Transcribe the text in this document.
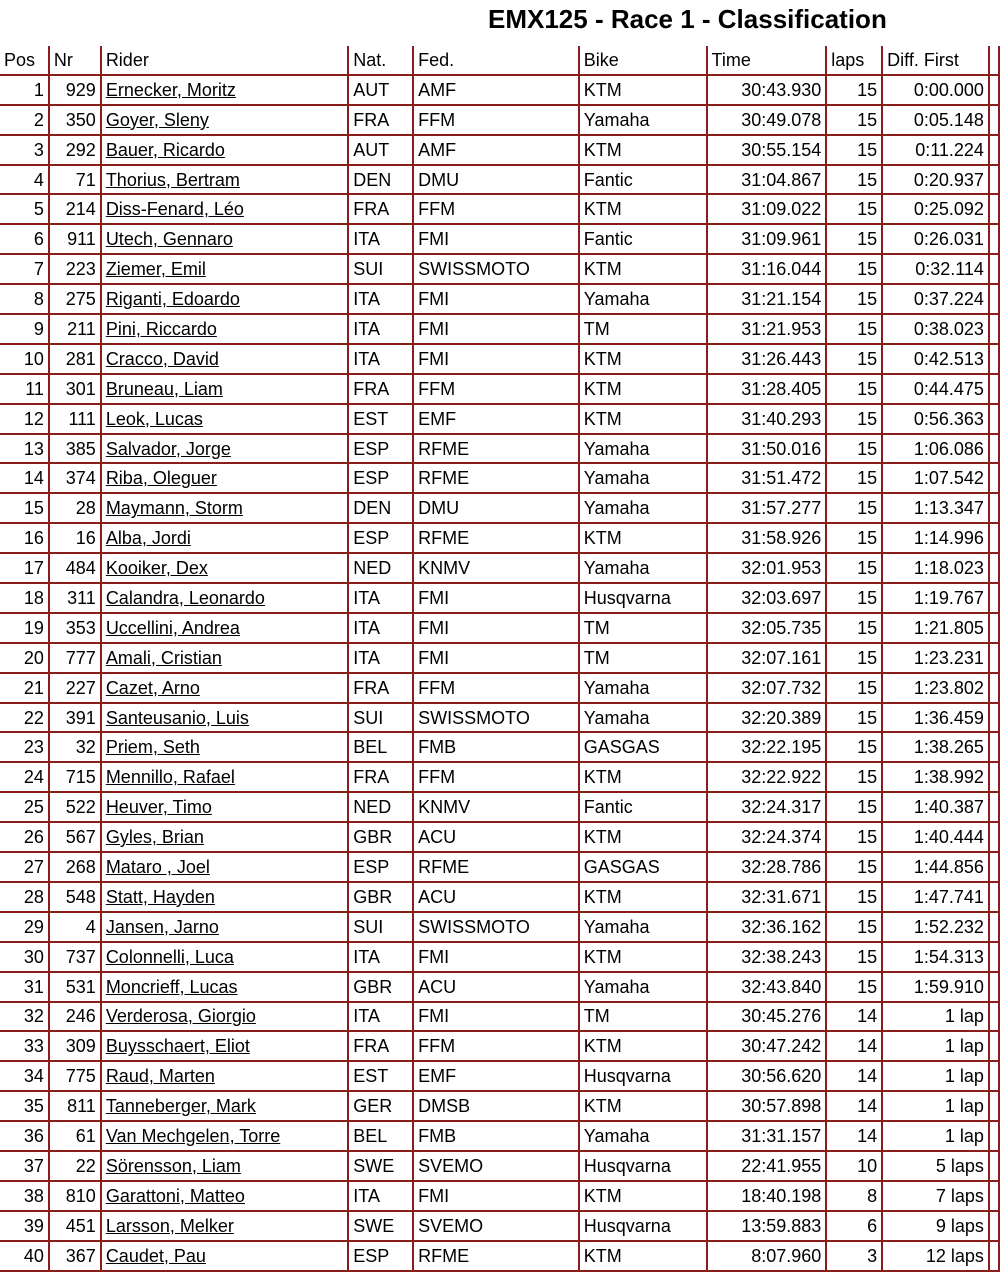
EMX125 - Race 1 - Classification
Pos	Nr	Rider	Nat.	Fed.	Bike	Time	laps	Diff. First	
1	929	Ernecker, Moritz	AUT	AMF	KTM	30:43.930	15	0:00.000	
2	350	Goyer, Sleny	FRA	FFM	Yamaha	30:49.078	15	0:05.148	
3	292	Bauer, Ricardo	AUT	AMF	KTM	30:55.154	15	0:11.224	
4	71	Thorius, Bertram	DEN	DMU	Fantic	31:04.867	15	0:20.937	
5	214	Diss-Fenard, Léo	FRA	FFM	KTM	31:09.022	15	0:25.092	
6	911	Utech, Gennaro	ITA	FMI	Fantic	31:09.961	15	0:26.031	
7	223	Ziemer, Emil	SUI	SWISSMOTO	KTM	31:16.044	15	0:32.114	
8	275	Riganti, Edoardo	ITA	FMI	Yamaha	31:21.154	15	0:37.224	
9	211	Pini, Riccardo	ITA	FMI	TM	31:21.953	15	0:38.023	
10	281	Cracco, David	ITA	FMI	KTM	31:26.443	15	0:42.513	
11	301	Bruneau, Liam	FRA	FFM	KTM	31:28.405	15	0:44.475	
12	111	Leok, Lucas	EST	EMF	KTM	31:40.293	15	0:56.363	
13	385	Salvador, Jorge	ESP	RFME	Yamaha	31:50.016	15	1:06.086	
14	374	Riba, Oleguer	ESP	RFME	Yamaha	31:51.472	15	1:07.542	
15	28	Maymann, Storm	DEN	DMU	Yamaha	31:57.277	15	1:13.347	
16	16	Alba, Jordi	ESP	RFME	KTM	31:58.926	15	1:14.996	
17	484	Kooiker, Dex	NED	KNMV	Yamaha	32:01.953	15	1:18.023	
18	311	Calandra, Leonardo	ITA	FMI	Husqvarna	32:03.697	15	1:19.767	
19	353	Uccellini, Andrea	ITA	FMI	TM	32:05.735	15	1:21.805	
20	777	Amali, Cristian	ITA	FMI	TM	32:07.161	15	1:23.231	
21	227	Cazet, Arno	FRA	FFM	Yamaha	32:07.732	15	1:23.802	
22	391	Santeusanio, Luis	SUI	SWISSMOTO	Yamaha	32:20.389	15	1:36.459	
23	32	Priem, Seth	BEL	FMB	GASGAS	32:22.195	15	1:38.265	
24	715	Mennillo, Rafael	FRA	FFM	KTM	32:22.922	15	1:38.992	
25	522	Heuver, Timo	NED	KNMV	Fantic	32:24.317	15	1:40.387	
26	567	Gyles, Brian	GBR	ACU	KTM	32:24.374	15	1:40.444	
27	268	Mataro , Joel	ESP	RFME	GASGAS	32:28.786	15	1:44.856	
28	548	Statt, Hayden	GBR	ACU	KTM	32:31.671	15	1:47.741	
29	4	Jansen, Jarno	SUI	SWISSMOTO	Yamaha	32:36.162	15	1:52.232	
30	737	Colonnelli, Luca	ITA	FMI	KTM	32:38.243	15	1:54.313	
31	531	Moncrieff, Lucas	GBR	ACU	Yamaha	32:43.840	15	1:59.910	
32	246	Verderosa, Giorgio	ITA	FMI	TM	30:45.276	14	1 lap	
33	309	Buysschaert, Eliot	FRA	FFM	KTM	30:47.242	14	1 lap	
34	775	Raud, Marten	EST	EMF	Husqvarna	30:56.620	14	1 lap	
35	811	Tanneberger, Mark	GER	DMSB	KTM	30:57.898	14	1 lap	
36	61	Van Mechgelen, Torre	BEL	FMB	Yamaha	31:31.157	14	1 lap	
37	22	Sörensson, Liam	SWE	SVEMO	Husqvarna	22:41.955	10	5 laps	
38	810	Garattoni, Matteo	ITA	FMI	KTM	18:40.198	8	7 laps	
39	451	Larsson, Melker	SWE	SVEMO	Husqvarna	13:59.883	6	9 laps	
40	367	Caudet, Pau	ESP	RFME	KTM	8:07.960	3	12 laps	
